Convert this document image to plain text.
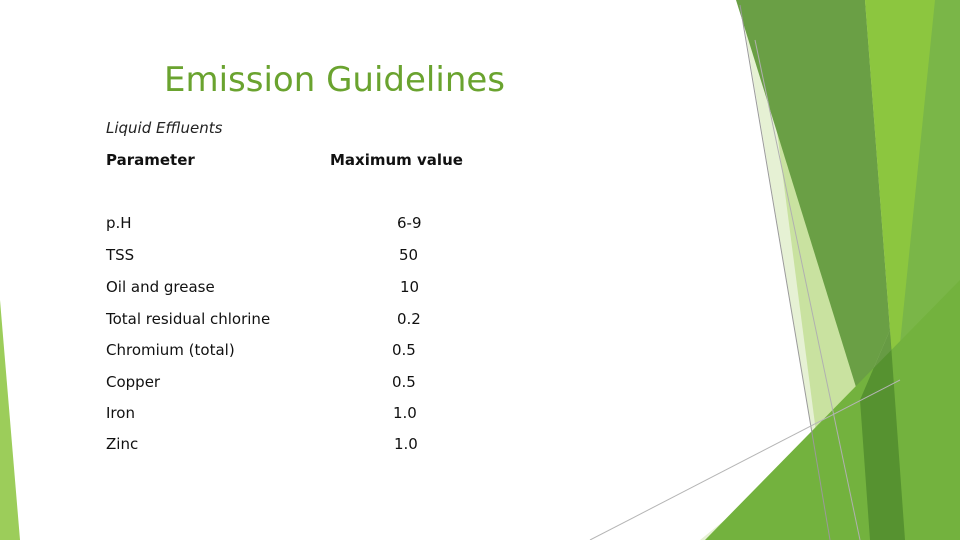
Emission Guidelines
Liquid Effluents
Parameter	Maximum value
p.H	6-9
TSS	50
Oil and grease	10
Total residual chlorine	0.2
Chromium (total)	0.5
Copper	0.5
Iron	1.0
Zinc	1.0
